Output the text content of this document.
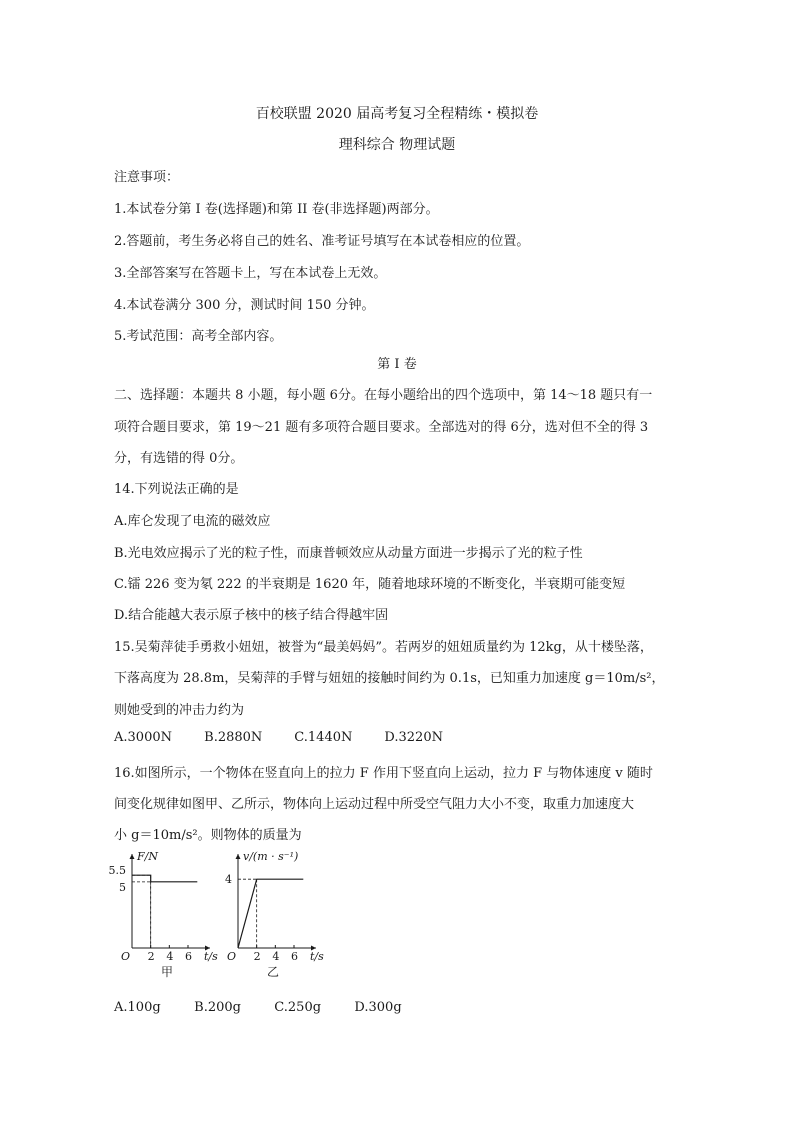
百校联盟 2020 届高考复习全程精练・模拟卷
理科综合 物理试题
注意事项：
1.本试卷分第 I 卷(选择题)和第 II 卷(非选择题)两部分。
2.答题前，考生务必将自己的姓名、准考证号填写在本试卷相应的位置。
3.全部答案写在答题卡上，写在本试卷上无效。
4.本试卷满分 300 分，测试时间 150 分钟。
5.考试范围：高考全部内容。
第 I 卷
二、选择题：本题共 8 小题，每小题 6分。在每小题给出的四个选项中，第 14～18 题只有一
项符合题目要求，第 19～21 题有多项符合题目要求。全部选对的得 6分，选对但不全的得 3
分，有选错的得 0分。
14.下列说法正确的是
A.库仑发现了电流的磁效应
B.光电效应揭示了光的粒子性，而康普顿效应从动量方面进一步揭示了光的粒子性
C.镭 226 变为氡 222 的半衰期是 1620 年，随着地球环境的不断变化，半衰期可能变短
D.结合能越大表示原子核中的核子结合得越牢固
15.吴菊萍徒手勇救小妞妞，被誉为“最美妈妈”。若两岁的妞妞质量约为 12kg，从十楼坠落，
下落高度为 28.8m，吴菊萍的手臂与妞妞的接触时间约为 0.1s，已知重力加速度 g＝10m/s²，
则她受到的冲击力约为
A.3000N B.2880N C.1440N D.3220N
16.如图所示，一个物体在竖直向上的拉力 F 作用下竖直向上运动，拉力 F 与物体速度 v 随时
间变化规律如图甲、乙所示，物体向上运动过程中所受空气阻力大小不变，取重力加速度大
小 g＝10m/s²。则物体的质量为
F/N
t/s
O
甲
2 4 6
5.5
5
v/(m · s⁻¹)
t/s
O
乙
2 4 6
4
A.100g	B.200g	C.250g	D.300g
